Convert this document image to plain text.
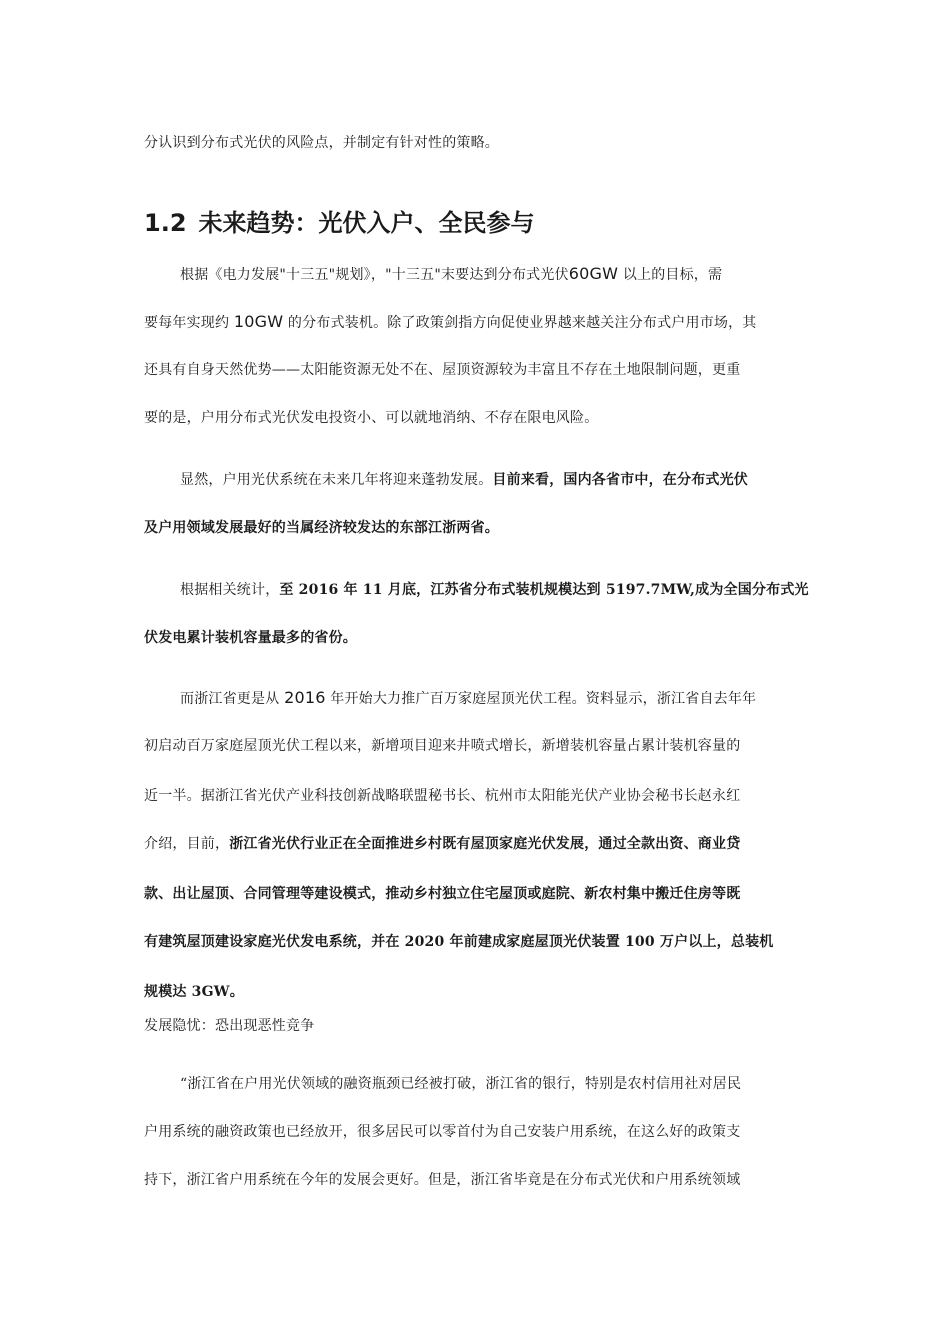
分认识到分布式光伏的风险点，并制定有针对性的策略。
1.2 未来趋势：光伏入户、全民参与
根据《电力发展"十三五"规划》，"十三五"末要达到分布式光伏60GW 以上的目标，需
要每年实现约 10GW 的分布式装机。除了政策剑指方向促使业界越来越关注分布式户用市场，其
还具有自身天然优势——太阳能资源无处不在、屋顶资源较为丰富且不存在土地限制问题，更重
要的是，户用分布式光伏发电投资小、可以就地消纳、不存在限电风险。
显然，户用光伏系统在未来几年将迎来蓬勃发展。目前来看，国内各省市中，在分布式光伏
及户用领域发展最好的当属经济较发达的东部江浙两省。
根据相关统计，至 2016 年 11 月底，江苏省分布式装机规模达到 5197.7MW,成为全国分布式光
伏发电累计装机容量最多的省份。
而浙江省更是从 2016 年开始大力推广百万家庭屋顶光伏工程。资料显示，浙江省自去年年
初启动百万家庭屋顶光伏工程以来，新增项目迎来井喷式增长，新增装机容量占累计装机容量的
近一半。据浙江省光伏产业科技创新战略联盟秘书长、杭州市太阳能光伏产业协会秘书长赵永红
介绍，目前，浙江省光伏行业正在全面推进乡村既有屋顶家庭光伏发展，通过全款出资、商业贷
款、出让屋顶、合同管理等建设模式，推动乡村独立住宅屋顶或庭院、新农村集中搬迁住房等既
有建筑屋顶建设家庭光伏发电系统，并在 2020 年前建成家庭屋顶光伏装置 100 万户以上，总装机
规模达 3GW。
发展隐忧：恐出现恶性竞争
“浙江省在户用光伏领域的融资瓶颈已经被打破，浙江省的银行，特别是农村信用社对居民
户用系统的融资政策也已经放开，很多居民可以零首付为自己安装户用系统，在这么好的政策支
持下，浙江省户用系统在今年的发展会更好。但是，浙江省毕竟是在分布式光伏和户用系统领域
